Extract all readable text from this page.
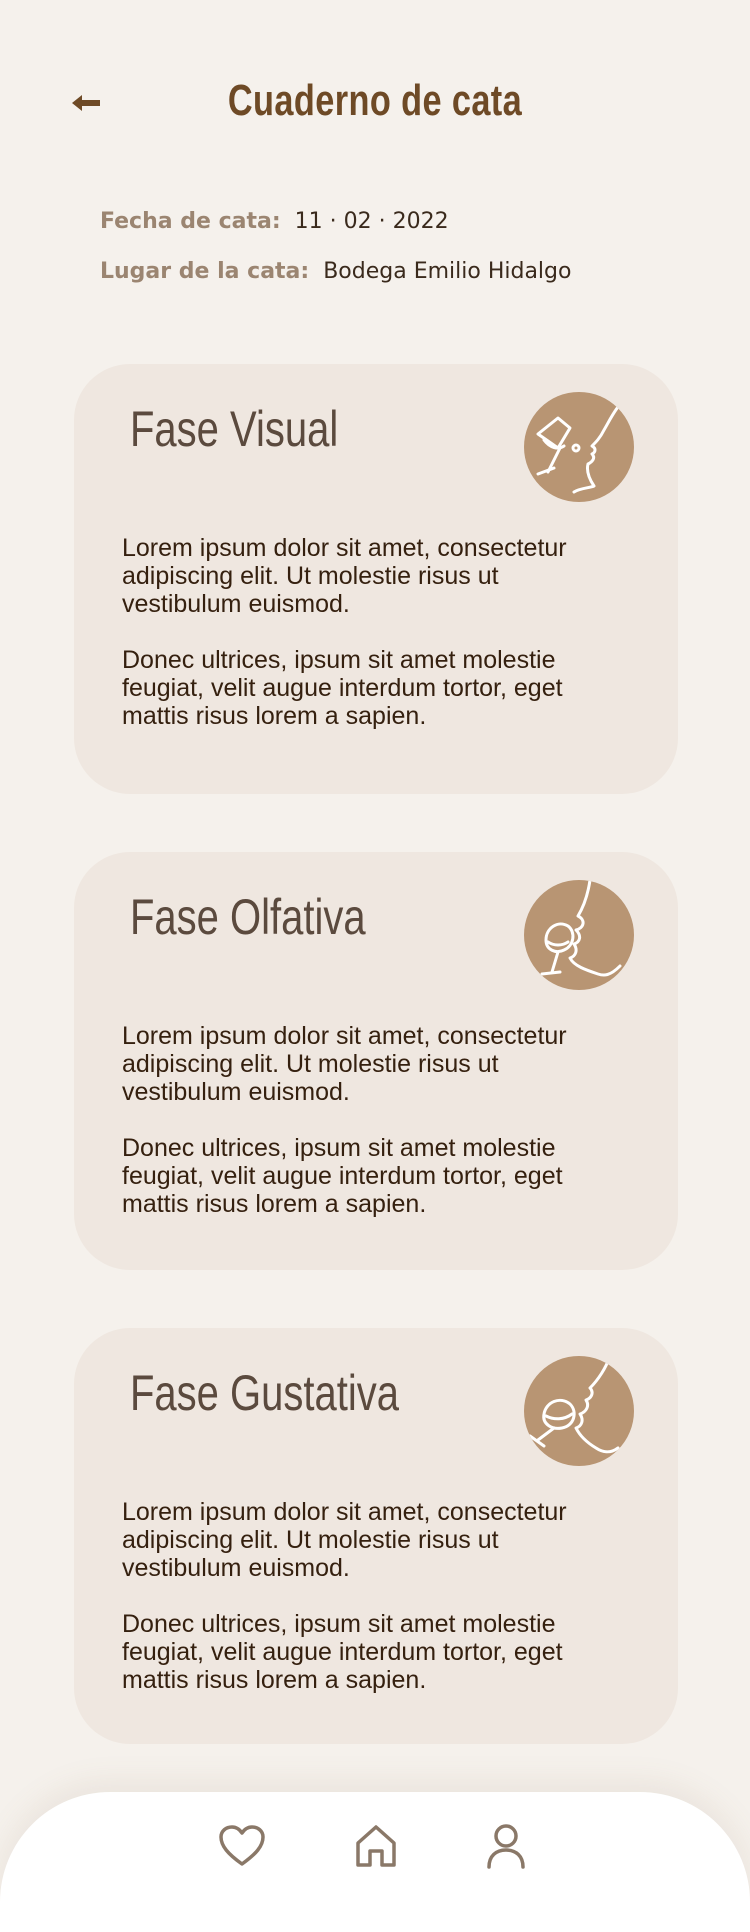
Cuaderno de cata
Fecha de cata: 11 · 02 · 2022
Lugar de la cata: Bodega Emilio Hidalgo
Fase Visual

Lorem ipsum dolor sit amet, consectetur adipiscing elit. Ut molestie risus ut vestibulum euismod.

Donec ultrices, ipsum sit amet molestie feugiat, velit augue interdum tortor, eget mattis risus lorem a sapien.

Fase Olfativa

Lorem ipsum dolor sit amet, consectetur adipiscing elit. Ut molestie risus ut vestibulum euismod.

Donec ultrices, ipsum sit amet molestie feugiat, velit augue interdum tortor, eget mattis risus lorem a sapien.

Fase Gustativa

Lorem ipsum dolor sit amet, consectetur adipiscing elit. Ut molestie risus ut vestibulum euismod.

Donec ultrices, ipsum sit amet molestie feugiat, velit augue interdum tortor, eget mattis risus lorem a sapien.
